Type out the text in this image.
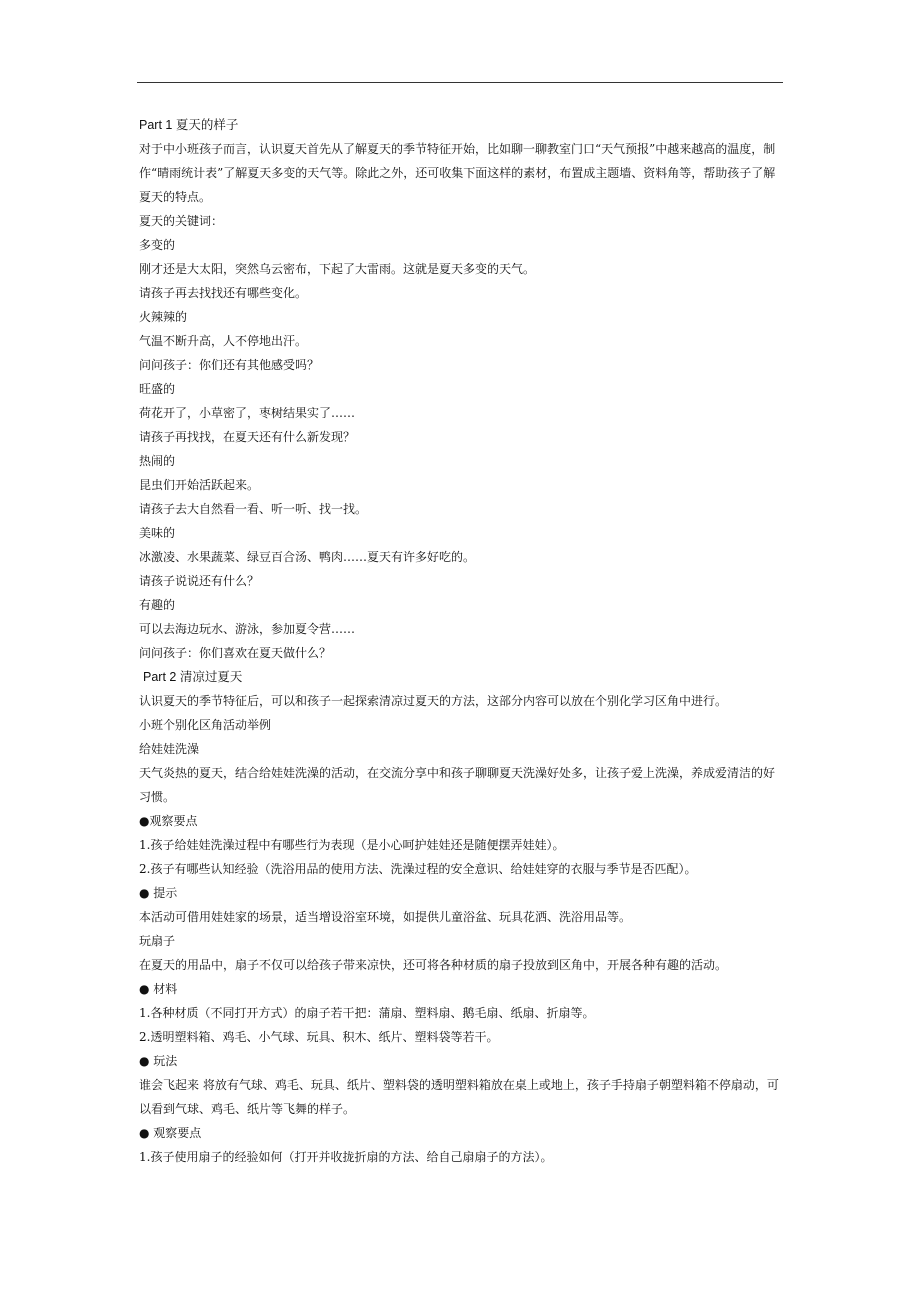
Part 1 夏天的样子

对于中小班孩子而言，认识夏天首先从了解夏天的季节特征开始，比如聊一聊教室门口“天气预报”中越来越高的温度，制作“晴雨统计表”了解夏天多变的天气等。除此之外，还可收集下面这样的素材，布置成主题墙、资料角等，帮助孩子了解夏天的特点。

夏天的关键词：

多变的

刚才还是大太阳，突然乌云密布，下起了大雷雨。这就是夏天多变的天气。

请孩子再去找找还有哪些变化。

火辣辣的

气温不断升高，人不停地出汗。

问问孩子：你们还有其他感受吗？

旺盛的

荷花开了，小草密了，枣树结果实了……

请孩子再找找，在夏天还有什么新发现？

热闹的

昆虫们开始活跃起来。

请孩子去大自然看一看、听一听、找一找。

美味的

冰激凌、水果蔬菜、绿豆百合汤、鸭肉……夏天有许多好吃的。

请孩子说说还有什么？

有趣的

可以去海边玩水、游泳，参加夏令营……

问问孩子：你们喜欢在夏天做什么？

Part 2 清凉过夏天

认识夏天的季节特征后，可以和孩子一起探索清凉过夏天的方法，这部分内容可以放在个别化学习区角中进行。

小班个别化区角活动举例

给娃娃洗澡

天气炎热的夏天，结合给娃娃洗澡的活动，在交流分享中和孩子聊聊夏天洗澡好处多，让孩子爱上洗澡，养成爱清洁的好习惯。

●观察要点

1.孩子给娃娃洗澡过程中有哪些行为表现（是小心呵护娃娃还是随便摆弄娃娃）。

2.孩子有哪些认知经验（洗浴用品的使用方法、洗澡过程的安全意识、给娃娃穿的衣服与季节是否匹配）。

● 提示

本活动可借用娃娃家的场景，适当增设浴室环境，如提供儿童浴盆、玩具花洒、洗浴用品等。

玩扇子

在夏天的用品中，扇子不仅可以给孩子带来凉快，还可将各种材质的扇子投放到区角中，开展各种有趣的活动。

● 材料

1.各种材质（不同打开方式）的扇子若干把：蒲扇、塑料扇、鹅毛扇、纸扇、折扇等。

2.透明塑料箱、鸡毛、小气球、玩具、积木、纸片、塑料袋等若干。

● 玩法

谁会飞起来 将放有气球、鸡毛、玩具、纸片、塑料袋的透明塑料箱放在桌上或地上，孩子手持扇子朝塑料箱不停扇动，可以看到气球、鸡毛、纸片等飞舞的样子。

● 观察要点

1.孩子使用扇子的经验如何（打开并收拢折扇的方法、给自己扇扇子的方法）。
